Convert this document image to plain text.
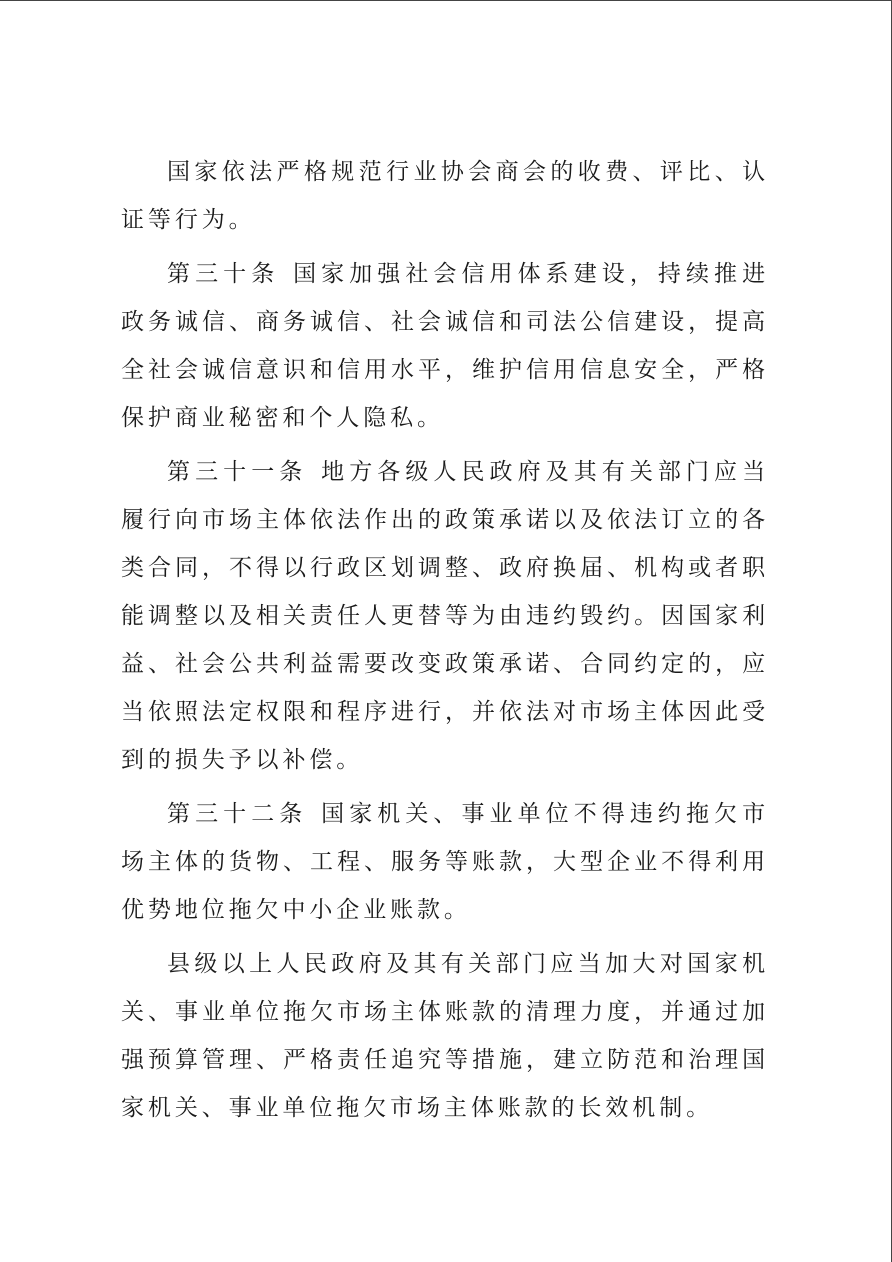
国家依法严格规范行业协会商会的收费、评比、认证等行为。

第三十条 国家加强社会信用体系建设，持续推进政务诚信、商务诚信、社会诚信和司法公信建设，提高全社会诚信意识和信用水平，维护信用信息安全，严格保护商业秘密和个人隐私。

第三十一条 地方各级人民政府及其有关部门应当履行向市场主体依法作出的政策承诺以及依法订立的各类合同，不得以行政区划调整、政府换届、机构或者职能调整以及相关责任人更替等为由违约毁约。因国家利益、社会公共利益需要改变政策承诺、合同约定的，应当依照法定权限和程序进行，并依法对市场主体因此受到的损失予以补偿。

第三十二条 国家机关、事业单位不得违约拖欠市场主体的货物、工程、服务等账款，大型企业不得利用优势地位拖欠中小企业账款。

县级以上人民政府及其有关部门应当加大对国家机关、事业单位拖欠市场主体账款的清理力度，并通过加强预算管理、严格责任追究等措施，建立防范和治理国家机关、事业单位拖欠市场主体账款的长效机制。
